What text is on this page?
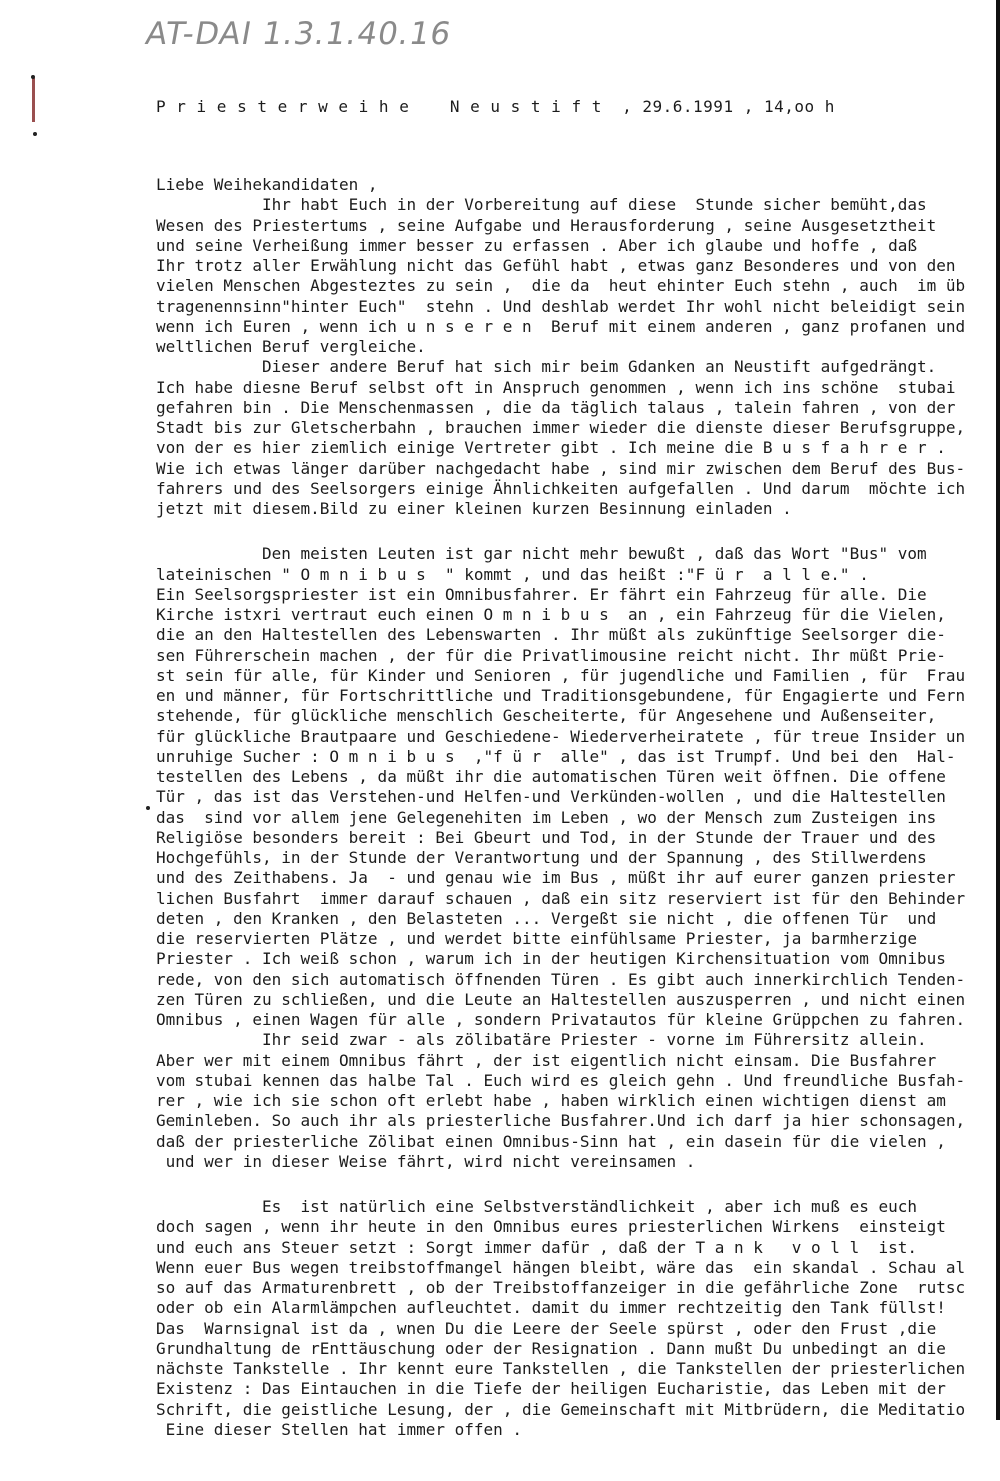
AT-DAI 1.3.1.40.16

P r i e s t e r w e i h e    N e u s t i f t  , 29.6.1991 , 14,oo h

Liebe Weihekandidaten ,
Ihr habt Euch in der Vorbereitung auf diese  Stunde sicher bemüht,das
Wesen des Priestertums , seine Aufgabe und Herausforderung , seine Ausgesetztheit
und seine Verheißung immer besser zu erfassen . Aber ich glaube und hoffe , daß
Ihr trotz aller Erwählung nicht das Gefühl habt , etwas ganz Besonderes und von den
vielen Menschen Abgesteztes zu sein ,  die da  heut ehinter Euch stehn , auch  im üb
tragenennsinn"hinter Euch"  stehn . Und deshlab werdet Ihr wohl nicht beleidigt sein
wenn ich Euren , wenn ich u n s e r e n  Beruf mit einem anderen , ganz profanen und
weltlichen Beruf vergleiche.
Dieser andere Beruf hat sich mir beim Gdanken an Neustift aufgedrängt.
Ich habe diesne Beruf selbst oft in Anspruch genommen , wenn ich ins schöne  stubai
gefahren bin . Die Menschenmassen , die da täglich talaus , talein fahren , von der
Stadt bis zur Gletscherbahn , brauchen immer wieder die dienste dieser Berufsgruppe,
von der es hier ziemlich einige Vertreter gibt . Ich meine die B u s f a h r e r .
Wie ich etwas länger darüber nachgedacht habe , sind mir zwischen dem Beruf des Bus-
fahrers und des Seelsorgers einige Ähnlichkeiten aufgefallen . Und darum  möchte ich
jetzt mit diesem.Bild zu einer kleinen kurzen Besinnung einladen .
Den meisten Leuten ist gar nicht mehr bewußt , daß das Wort "Bus" vom
lateinischen " O m n i b u s  " kommt , und das heißt :"F ü r  a l l e." .
Ein Seelsorgspriester ist ein Omnibusfahrer. Er fährt ein Fahrzeug für alle. Die
Kirche istxri vertraut euch einen O m n i b u s  an , ein Fahrzeug für die Vielen,
die an den Haltestellen des Lebenswarten . Ihr müßt als zukünftige Seelsorger die-
sen Führerschein machen , der für die Privatlimousine reicht nicht. Ihr müßt Prie-
st sein für alle, für Kinder und Senioren , für jugendliche und Familien , für  Frau
en und männer, für Fortschrittliche und Traditionsgebundene, für Engagierte und Fern
stehende, für glückliche menschlich Gescheiterte, für Angesehene und Außenseiter,
für glückliche Brautpaare und Geschiedene- Wiederverheiratete , für treue Insider un
unruhige Sucher : O m n i b u s  ,"f ü r  alle" , das ist Trumpf. Und bei den  Hal-
testellen des Lebens , da müßt ihr die automatischen Türen weit öffnen. Die offene
Tür , das ist das Verstehen-und Helfen-und Verkünden-wollen , und die Haltestellen
das  sind vor allem jene Gelegenehiten im Leben , wo der Mensch zum Zusteigen ins
Religiöse besonders bereit : Bei Gbeurt und Tod, in der Stunde der Trauer und des
Hochgefühls, in der Stunde der Verantwortung und der Spannung , des Stillwerdens
und des Zeithabens. Ja  - und genau wie im Bus , müßt ihr auf eurer ganzen priester
lichen Busfahrt  immer darauf schauen , daß ein sitz reserviert ist für den Behinder
deten , den Kranken , den Belasteten ... Vergeßt sie nicht , die offenen Tür  und
die reservierten Plätze , und werdet bitte einfühlsame Priester, ja barmherzige
Priester . Ich weiß schon , warum ich in der heutigen Kirchensituation vom Omnibus
rede, von den sich automatisch öffnenden Türen . Es gibt auch innerkirchlich Tenden-
zen Türen zu schließen, und die Leute an Haltestellen auszusperren , und nicht einen
Omnibus , einen Wagen für alle , sondern Privatautos für kleine Grüppchen zu fahren.
Ihr seid zwar - als zölibatäre Priester - vorne im Führersitz allein.
Aber wer mit einem Omnibus fährt , der ist eigentlich nicht einsam. Die Busfahrer
vom stubai kennen das halbe Tal . Euch wird es gleich gehn . Und freundliche Busfah-
rer , wie ich sie schon oft erlebt habe , haben wirklich einen wichtigen dienst am
Geminleben. So auch ihr als priesterliche Busfahrer.Und ich darf ja hier schonsagen,
daß der priesterliche Zölibat einen Omnibus-Sinn hat , ein dasein für die vielen ,
und wer in dieser Weise fährt, wird nicht vereinsamen .
Es  ist natürlich eine Selbstverständlichkeit , aber ich muß es euch
doch sagen , wenn ihr heute in den Omnibus eures priesterlichen Wirkens  einsteigt
und euch ans Steuer setzt : Sorgt immer dafür , daß der T a n k   v o l l  ist.
Wenn euer Bus wegen treibstoffmangel hängen bleibt, wäre das  ein skandal . Schau al
so auf das Armaturenbrett , ob der Treibstoffanzeiger in die gefährliche Zone  rutsc
oder ob ein Alarmlämpchen aufleuchtet. damit du immer rechtzeitig den Tank füllst!
Das  Warnsignal ist da , wnen Du die Leere der Seele spürst , oder den Frust ,die
Grundhaltung de rEnttäuschung oder der Resignation . Dann mußt Du unbedingt an die
nächste Tankstelle . Ihr kennt eure Tankstellen , die Tankstellen der priesterlichen
Existenz : Das Eintauchen in die Tiefe der heiligen Eucharistie, das Leben mit der
Schrift, die geistliche Lesung, der , die Gemeinschaft mit Mitbrüdern, die Meditatio
Eine dieser Stellen hat immer offen .
